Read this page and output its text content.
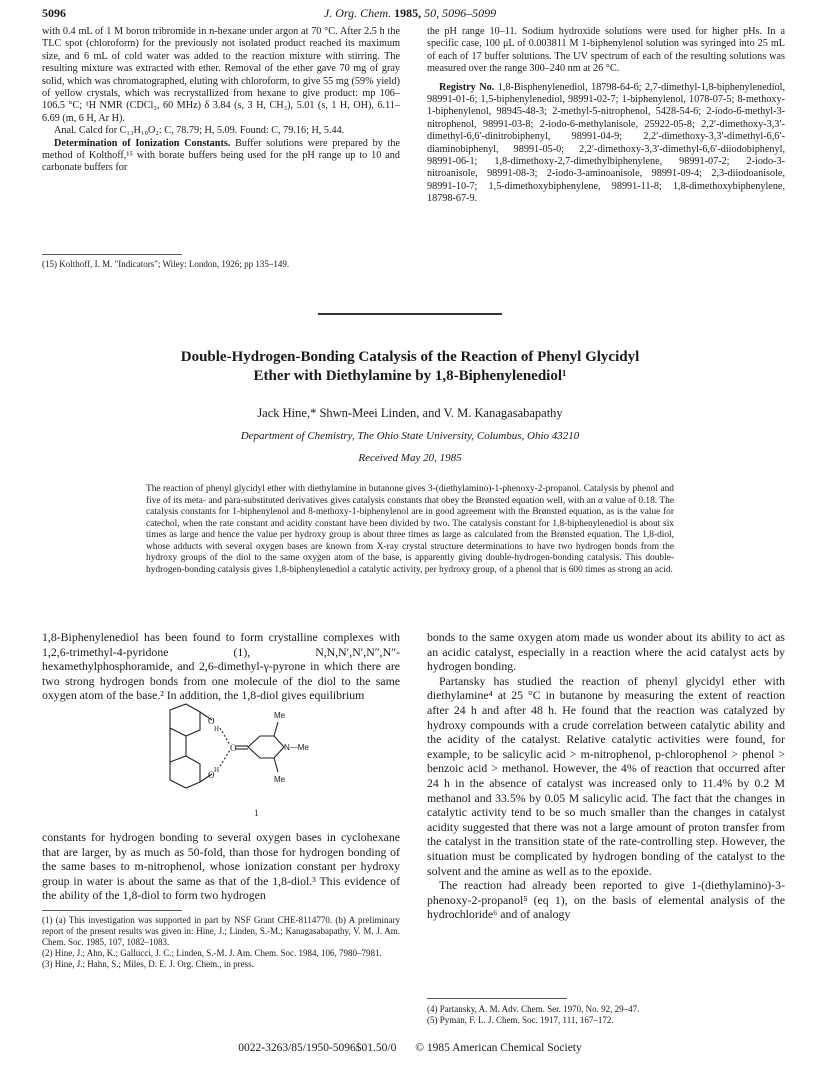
5096	J. Org. Chem. 1985, 50, 5096–5099

with 0.4 mL of 1 M boron tribromide in n-hexane under argon at 70 °C. After 2.5 h the TLC spot (chloroform) for the previously not isolated product reached its maximum size, and 6 mL of cold water was added to the reaction mixture with stirring. The resulting mixture was extracted with ether. Removal of the ether gave 70 mg of gray solid, which was chromatographed, eluting with chloroform, to give 55 mg (59% yield) of yellow crystals, which was recrystallized from hexane to give product: mp 106–106.5 °C; ¹H NMR (CDCl₃, 60 MHz) δ 3.84 (s, 3 H, CH₃), 5.01 (s, 1 H, OH), 6.11–6.69 (m, 6 H, Ar H).

Anal. Calcd for C₁₃H₁₀O₂: C, 78.79; H, 5.09. Found: C, 79.16; H, 5.44.

Determination of Ionization Constants. Buffer solutions were prepared by the method of Kolthoff,¹⁵ with borate buffers being used for the pH range up to 10 and carbonate buffers for

(15) Kolthoff, I. M. "Indicators"; Wiley: London, 1926; pp 135–149.

the pH range 10–11. Sodium hydroxide solutions were used for higher pHs. In a specific case, 100 μL of 0.003811 M 1-biphenylenol solution was syringed into 25 mL of each of 17 buffer solutions. The UV spectrum of each of the resulting solutions was measured over the range 300–240 nm at 26 °C.

Registry No. 1,8-Bisphenylenediol, 18798-64-6; 2,7-dimethyl-1,8-biphenylenediol, 98991-01-6; 1,5-biphenylenediol, 98991-02-7; 1-biphenylenol, 1078-07-5; 8-methoxy-1-biphenylenol, 98945-48-3; 2-methyl-5-nitrophenol, 5428-54-6; 2-iodo-6-methyl-3-nitrophenol, 98991-03-8; 2-iodo-6-methylanisole, 25922-05-8; 2,2′-dimethoxy-3,3′-dimethyl-6,6′-dinitrobiphenyl, 98991-04-9; 2,2′-dimethoxy-3,3′-dimethyl-6,6′-diaminobiphenyl, 98991-05-0; 2,2′-dimethoxy-3,3′-dimethyl-6,6′-diiodobiphenyl, 98991-06-1; 1,8-dimethoxy-2,7-dimethylbiphenylene, 98991-07-2; 2-iodo-3-nitroanisole, 98991-08-3; 2-iodo-3-aminoanisole, 98991-09-4; 2,3-diiodoanisole, 98991-10-7; 1,5-dimethoxybiphenylene, 98991-11-8; 1,8-dimethoxybiphenylene, 18798-67-9.

Double-Hydrogen-Bonding Catalysis of the Reaction of Phenyl Glycidyl
Ether with Diethylamine by 1,8-Biphenylenediol¹
Jack Hine,* Shwn-Meei Linden, and V. M. Kanagasabapathy
Department of Chemistry, The Ohio State University, Columbus, Ohio 43210
Received May 20, 1985
The reaction of phenyl glycidyl ether with diethylamine in butanone gives 3-(diethylamino)-1-phenoxy-2-propanol. Catalysis by phenol and five of its meta- and para-substituted derivatives gives catalysis constants that obey the Brønsted equation well, with an α value of 0.18. The catalysis constants for 1-biphenylenol and 8-methoxy-1-biphenylenol are in good agreement with the Brønsted equation, as is the value for catechol, when the rate constant and acidity constant have been divided by two. The catalysis constant for 1,8-biphenylenediol is about six times as large and hence the value per hydroxy group is about three times as large as calculated from the Brønsted equation. The 1,8-diol, whose adducts with several oxygen bases are known from X-ray crystal structure determinations to have two hydrogen bonds from the hydroxy groups of the diol to the same oxygen atom of the base, is apparently giving double-hydrogen-bonding catalysis. This double-hydrogen-bonding catalysis gives 1,8-biphenylenediol a catalytic activity, per hydroxy group, of a phenol that is 600 times as strong an acid.
1,8-Biphenylenediol has been found to form crystalline complexes with 1,2,6-trimethyl-4-pyridone (1), N,N,N′,N′,N″,N″-hexamethylphosphoramide, and 2,6-dimethyl-γ-pyrone in which there are two strong hydrogen bonds from one molecule of the diol to the same oxygen atom of the base.² In addition, the 1,8-diol gives equilibrium
O
H
O H
O
Me
N—Me
Me
1
constants for hydrogen bonding to several oxygen bases in cyclohexane that are larger, by as much as 50-fold, than those for hydrogen bonding of the same bases to m-nitrophenol, whose ionization constant per hydroxy group in water is about the same as that of the 1,8-diol.³ This evidence of the ability of the 1,8-diol to form two hydrogen
(1) (a) This investigation was supported in part by NSF Grant CHE-8114770. (b) A preliminary report of the present results was given in: Hine, J.; Linden, S.-M.; Kanagasabapathy, V. M. J. Am. Chem. Soc. 1985, 107, 1082–1083.
(2) Hine, J.; Ahn, K.; Gallucci, J. C.; Linden, S.-M. J. Am. Chem. Soc. 1984, 106, 7980–7981.
(3) Hine, J.; Hahn, S.; Miles, D. E. J. Org. Chem., in press.

bonds to the same oxygen atom made us wonder about its ability to act as an acidic catalyst, especially in a reaction where the acid catalyst acts by hydrogen bonding.

Partansky has studied the reaction of phenyl glycidyl ether with diethylamine⁴ at 25 °C in butanone by measuring the extent of reaction after 24 h and after 48 h. He found that the reaction was catalyzed by hydroxy compounds with a crude correlation between catalytic ability and the acidity of the catalyst. Relative catalytic activities were found, for example, to be salicylic acid > m-nitrophenol, p-chlorophenol > phenol > benzoic acid > methanol. However, the 4% of reaction that occurred after 24 h in the absence of catalyst was increased only to 11.4% by 0.2 M methanol and 33.5% by 0.05 M salicylic acid. The fact that the changes in catalytic activity tend to be so much smaller than the changes in catalyst acidity suggested that there was not a large amount of proton transfer from the catalyst in the transition state of the rate-controlling step. However, the situation must be complicated by hydrogen bonding of the catalyst to the solvent and the amine as well as to the epoxide.

The reaction had already been reported to give 1-(diethylamino)-3-phenoxy-2-propanol⁵ (eq 1), on the basis of elemental analysis of the hydrochloride⁶ and of analogy

(4) Partansky, A. M. Adv. Chem. Ser. 1970, No. 92, 29–47.
(5) Pyman, F. L. J. Chem. Soc. 1917, 111, 167–172.
0022-3263/85/1950-5096$01.50/0 © 1985 American Chemical Society
